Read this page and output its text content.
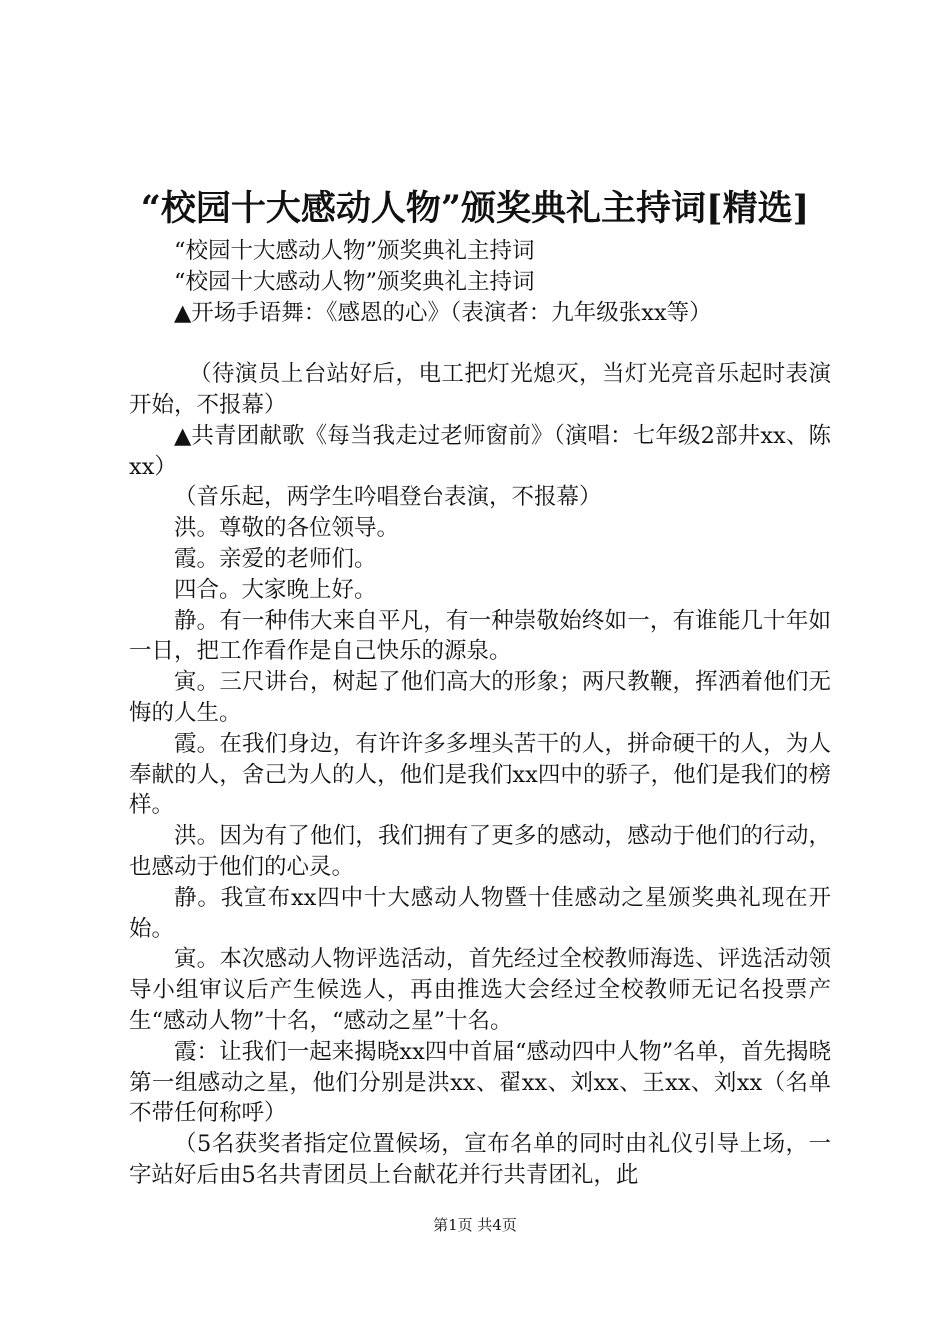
“校园十大感动人物”颁奖典礼主持词[精选]

“校园十大感动人物”颁奖典礼主持词

“校园十大感动人物”颁奖典礼主持词

▲开场手语舞：《感恩的心》（表演者：九年级张xx等）

（待演员上台站好后，电工把灯光熄灭，当灯光亮音乐起时表演开始，不报幕）

▲共青团献歌《每当我走过老师窗前》（演唱：七年级2部井xx、陈xx）

（音乐起，两学生吟唱登台表演，不报幕）

洪。尊敬的各位领导。

霞。亲爱的老师们。

四合。大家晚上好。

静。有一种伟大来自平凡，有一种崇敬始终如一，有谁能几十年如一日，把工作看作是自己快乐的源泉。

寅。三尺讲台，树起了他们高大的形象；两尺教鞭，挥洒着他们无悔的人生。

霞。在我们身边，有许许多多埋头苦干的人，拼命硬干的人，为人奉献的人，舍己为人的人，他们是我们xx四中的骄子，他们是我们的榜样。

洪。因为有了他们，我们拥有了更多的感动，感动于他们的行动，也感动于他们的心灵。

静。我宣布xx四中十大感动人物暨十佳感动之星颁奖典礼现在开始。

寅。本次感动人物评选活动，首先经过全校教师海选、评选活动领导小组审议后产生候选人，再由推选大会经过全校教师无记名投票产生“感动人物”十名，“感动之星”十名。

霞：让我们一起来揭晓xx四中首届“感动四中人物”名单，首先揭晓第一组感动之星，他们分别是洪xx、翟xx、刘xx、王xx、刘xx（名单不带任何称呼）

（5名获奖者指定位置候场，宣布名单的同时由礼仪引导上场，一字站好后由5名共青团员上台献花并行共青团礼，此

第1页 共4页
